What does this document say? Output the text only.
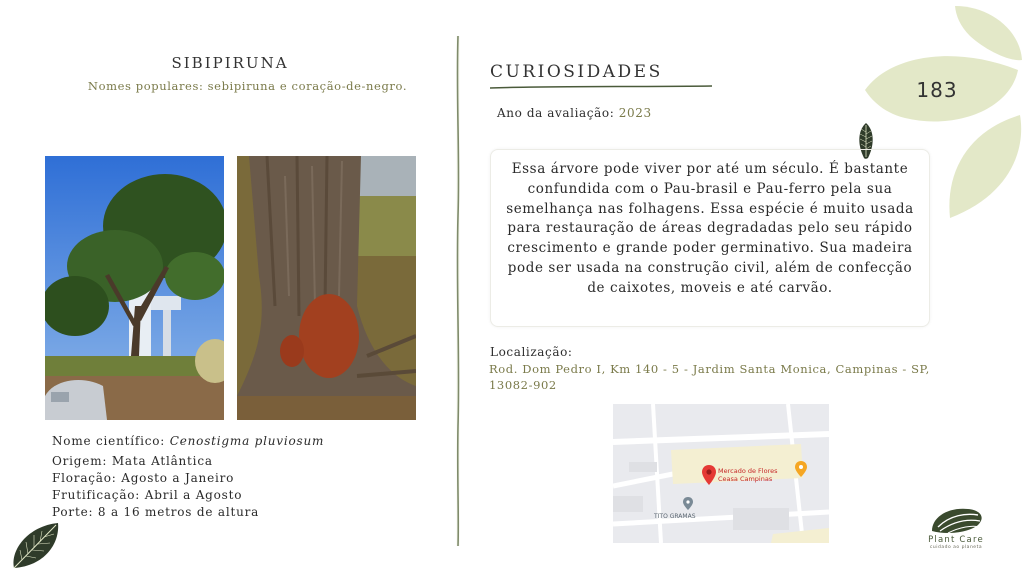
SIBIPIRUNA
Nomes populares: sebipiruna e coração-de-negro.
Nome científico: Cenostigma pluviosum
Origem: Mata Atlântica
Floração: Agosto a Janeiro
Frutificação: Abril a Agosto
Porte: 8 a 16 metros de altura
CURIOSIDADES
Ano da avaliação: 2023

Essa árvore pode viver por até um século. É bastante confundida com o Pau-brasil e Pau-ferro pela sua semelhança nas folhagens. Essa espécie é muito usada para restauração de áreas degradadas pelo seu rápido crescimento e grande poder germinativo. Sua madeira pode ser usada na construção civil, além de confecção de caixotes, moveis e até carvão.

Localização:
Rod. Dom Pedro I, Km 140 - 5 - Jardim Santa Monica, Campinas - SP, 13082-902
Mercado de Flores
Ceasa Campinas
TITO GRAMAS
183
Plant Care
cuidado ao planeta
